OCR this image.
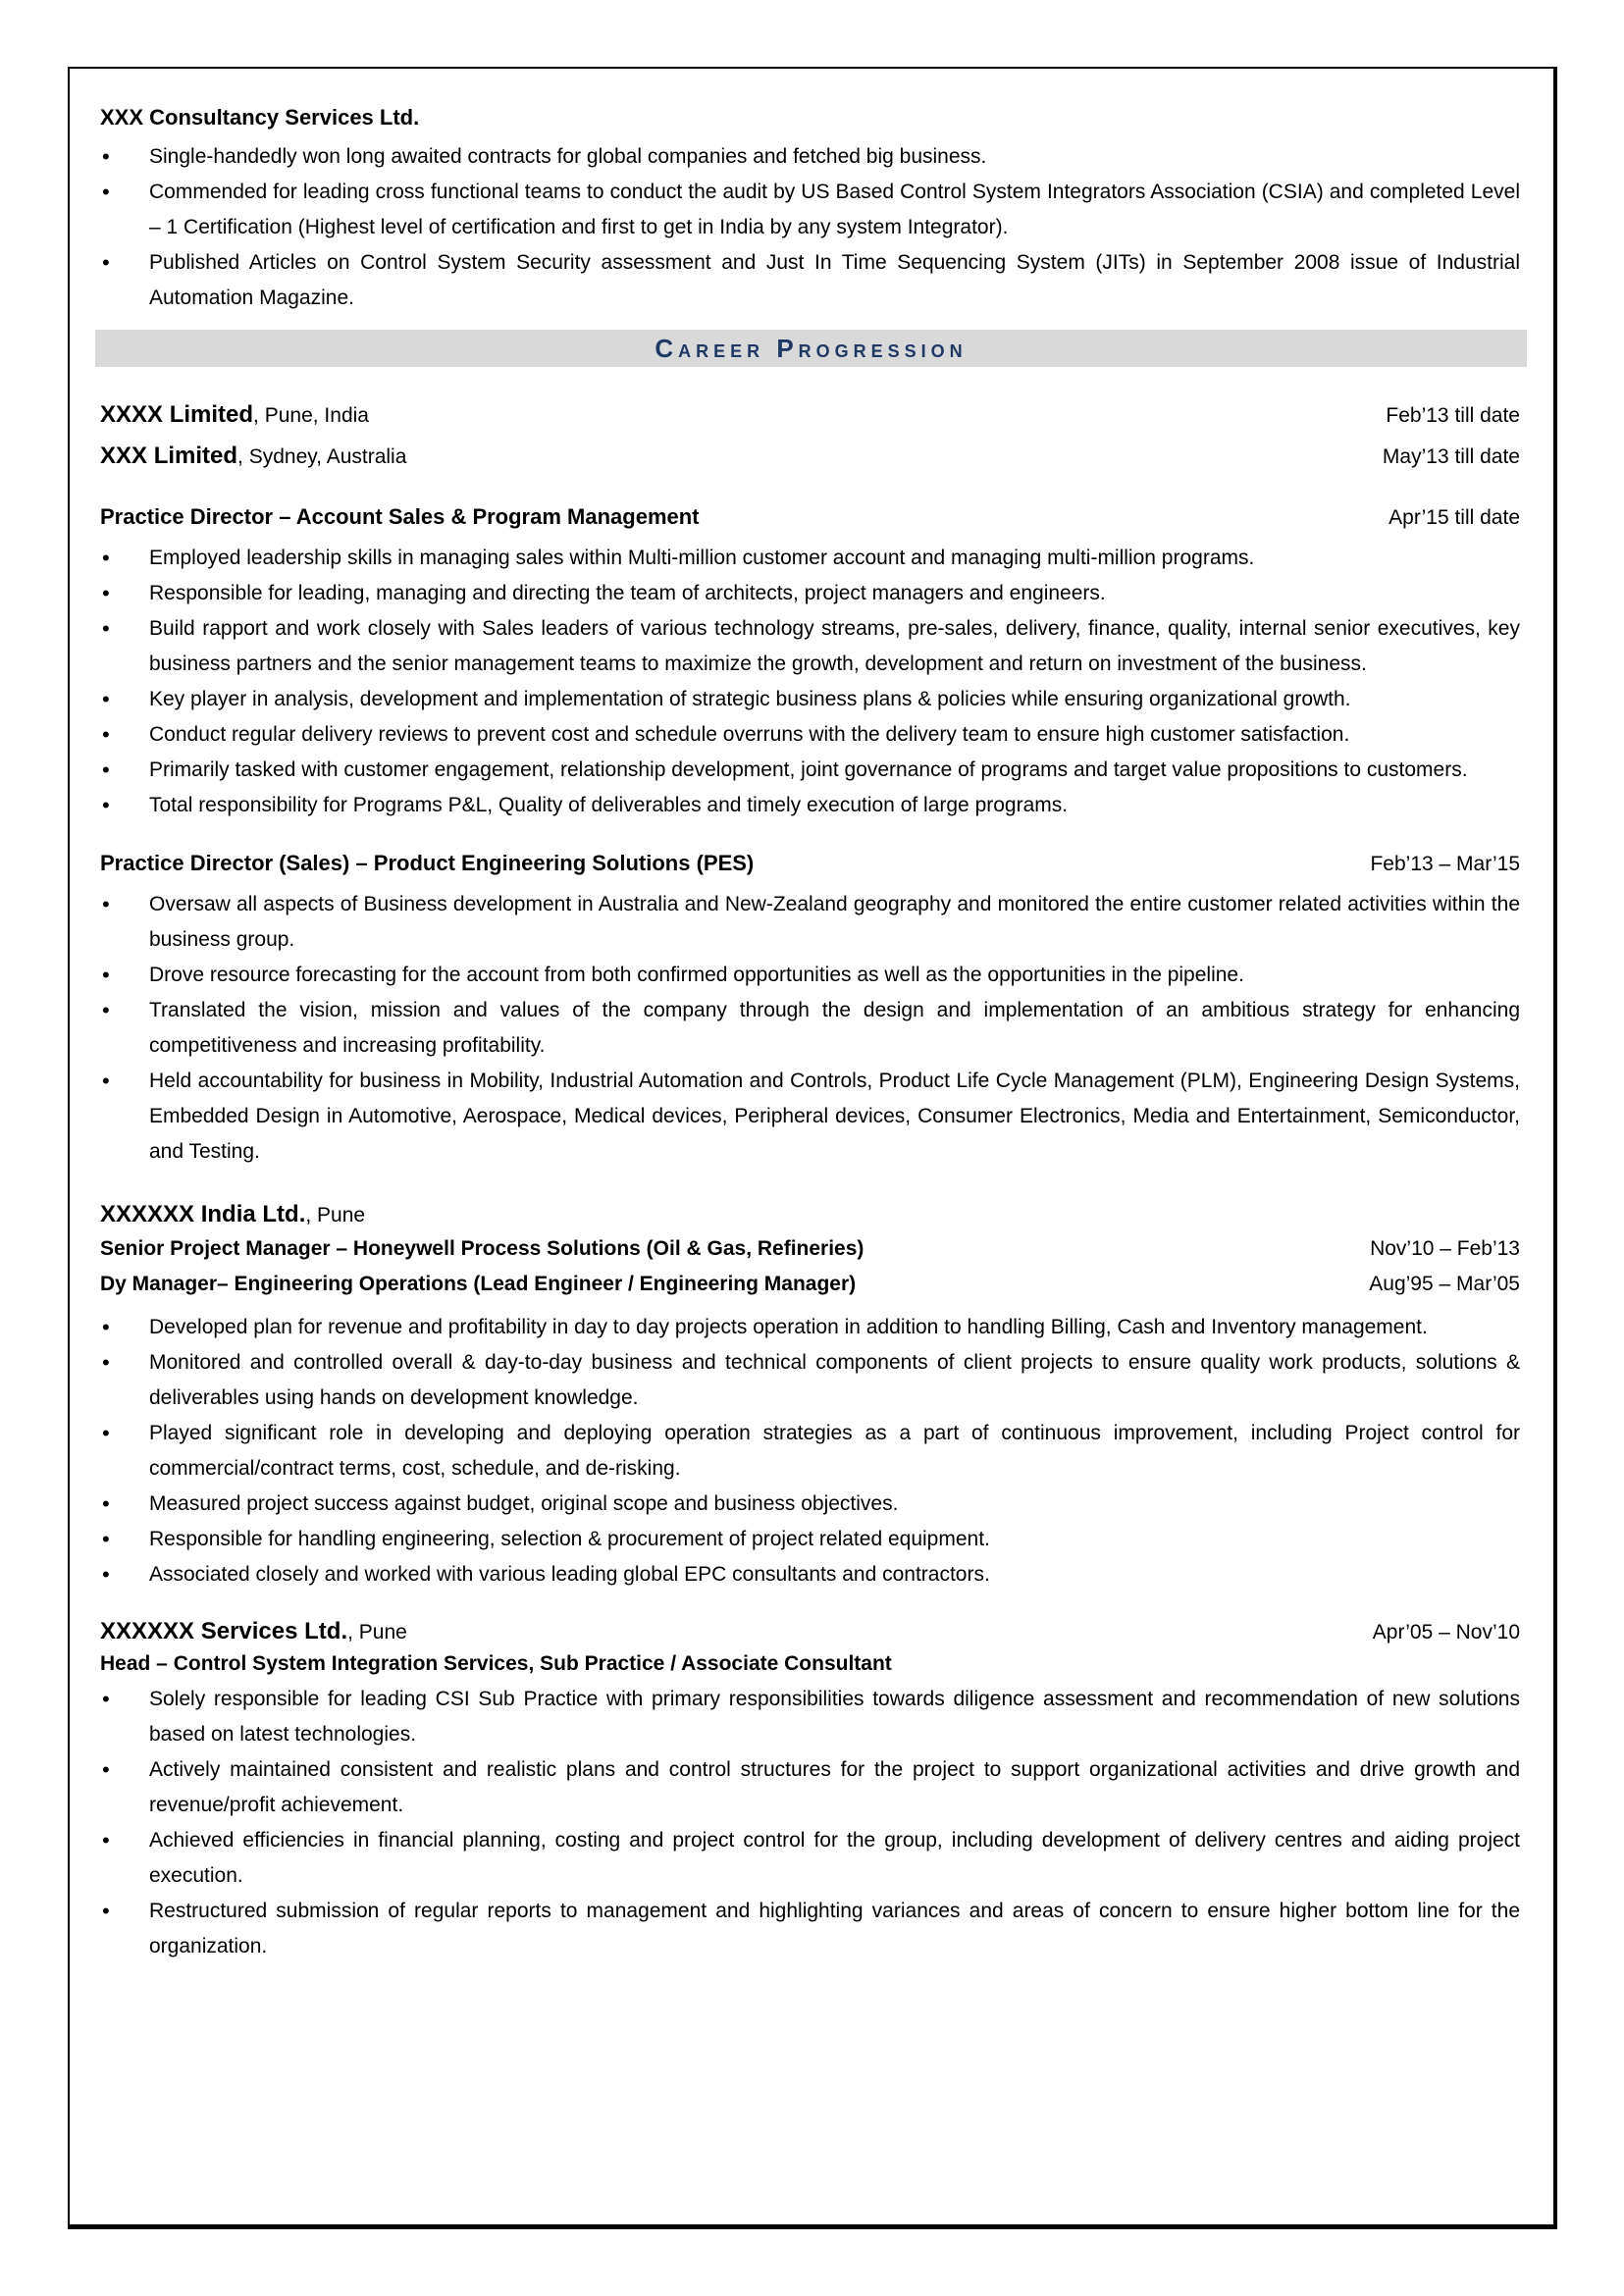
XXX Consultancy Services Ltd.
•	Single-handedly won long awaited contracts for global companies and fetched big business.
•	Commended for leading cross functional teams to conduct the audit by US Based Control System Integrators Association (CSIA) and completed Level – 1 Certification (Highest level of certification and first to get in India by any system Integrator).
•	Published Articles on Control System Security assessment and Just In Time Sequencing System (JITs) in September 2008 issue of Industrial Automation Magazine.
Career Progression
XXXX Limited, Pune, India	Feb’13 till date
XXX Limited, Sydney, Australia	May’13 till date
Practice Director – Account Sales & Program Management	Apr’15 till date
•	Employed leadership skills in managing sales within Multi-million customer account and managing multi-million programs.
•	Responsible for leading, managing and directing the team of architects, project managers and engineers.
•	Build rapport and work closely with Sales leaders of various technology streams, pre-sales, delivery, finance, quality, internal senior executives, key business partners and the senior management teams to maximize the growth, development and return on investment of the business.
•	Key player in analysis, development and implementation of strategic business plans & policies while ensuring organizational growth.
•	Conduct regular delivery reviews to prevent cost and schedule overruns with the delivery team to ensure high customer satisfaction.
•	Primarily tasked with customer engagement, relationship development, joint governance of programs and target value propositions to customers.
•	Total responsibility for Programs P&L, Quality of deliverables and timely execution of large programs.
Practice Director (Sales) – Product Engineering Solutions (PES)	Feb’13 – Mar’15
•	Oversaw all aspects of Business development in Australia and New-Zealand geography and monitored the entire customer related activities within the business group.
•	Drove resource forecasting for the account from both confirmed opportunities as well as the opportunities in the pipeline.
•	Translated the vision, mission and values of the company through the design and implementation of an ambitious strategy for enhancing competitiveness and increasing profitability.
•	Held accountability for business in Mobility, Industrial Automation and Controls, Product Life Cycle Management (PLM), Engineering Design Systems, Embedded Design in Automotive, Aerospace, Medical devices, Peripheral devices, Consumer Electronics, Media and Entertainment, Semiconductor, and Testing.
XXXXXX India Ltd., Pune
Senior Project Manager – Honeywell Process Solutions (Oil & Gas, Refineries)	Nov’10 – Feb’13
Dy Manager– Engineering Operations (Lead Engineer / Engineering Manager)	Aug’95 – Mar’05
•	Developed plan for revenue and profitability in day to day projects operation in addition to handling Billing, Cash and Inventory management.
•	Monitored and controlled overall & day-to-day business and technical components of client projects to ensure quality work products, solutions & deliverables using hands on development knowledge.
•	Played significant role in developing and deploying operation strategies as a part of continuous improvement, including Project control for commercial/contract terms, cost, schedule, and de-risking.
•	Measured project success against budget, original scope and business objectives.
•	Responsible for handling engineering, selection & procurement of project related equipment.
•	Associated closely and worked with various leading global EPC consultants and contractors.
XXXXXX Services Ltd., Pune	Apr’05 – Nov’10
Head – Control System Integration Services, Sub Practice / Associate Consultant
•	Solely responsible for leading CSI Sub Practice with primary responsibilities towards diligence assessment and recommendation of new solutions based on latest technologies.
•	Actively maintained consistent and realistic plans and control structures for the project to support organizational activities and drive growth and revenue/profit achievement.
•	Achieved efficiencies in financial planning, costing and project control for the group, including development of delivery centres and aiding project execution.
•	Restructured submission of regular reports to management and highlighting variances and areas of concern to ensure higher bottom line for the organization.
